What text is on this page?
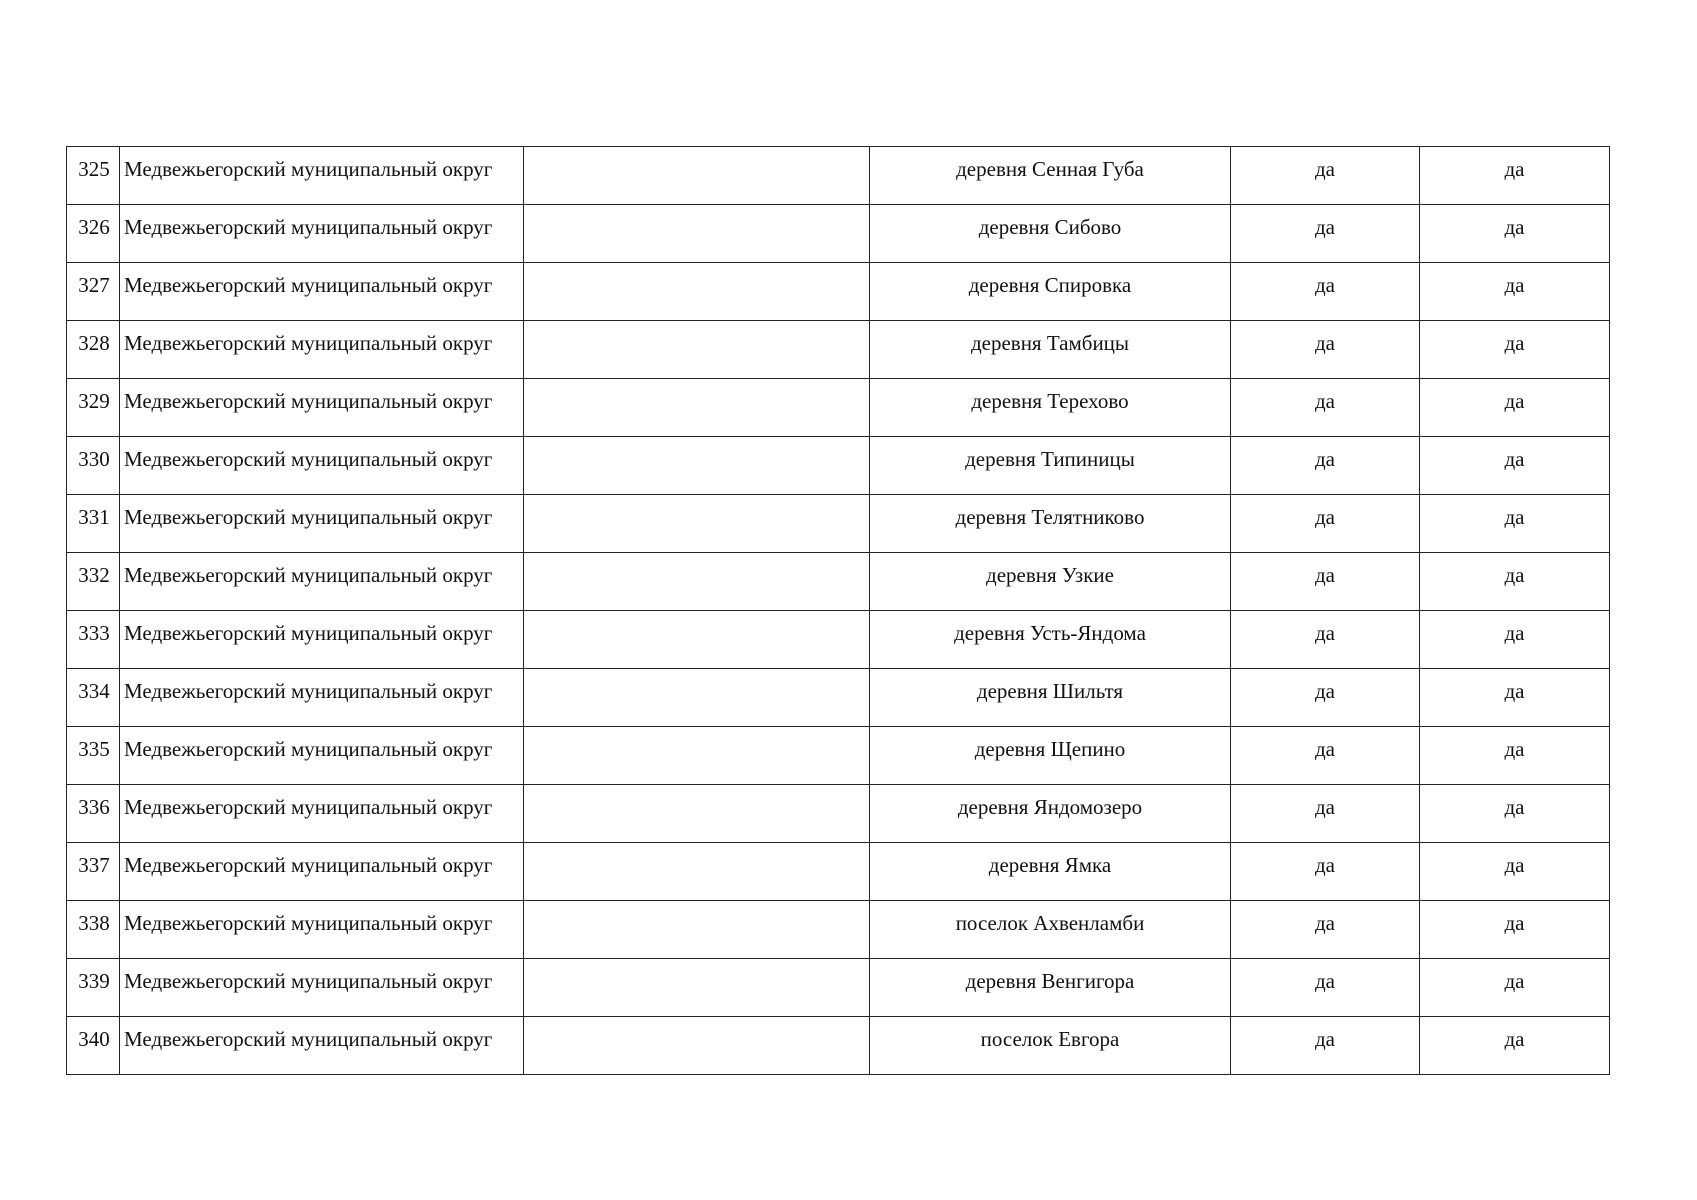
325	Медвежьегорский муниципальный округ		деревня Сенная Губа	да	да

326	Медвежьегорский муниципальный округ		деревня Сибово	да	да

327	Медвежьегорский муниципальный округ		деревня Спировка	да	да

328	Медвежьегорский муниципальный округ		деревня Тамбицы	да	да

329	Медвежьегорский муниципальный округ		деревня Терехово	да	да

330	Медвежьегорский муниципальный округ		деревня Типиницы	да	да

331	Медвежьегорский муниципальный округ		деревня Телятниково	да	да

332	Медвежьегорский муниципальный округ		деревня Узкие	да	да

333	Медвежьегорский муниципальный округ		деревня Усть-Яндома	да	да

334	Медвежьегорский муниципальный округ		деревня Шильтя	да	да

335	Медвежьегорский муниципальный округ		деревня Щепино	да	да

336	Медвежьегорский муниципальный округ		деревня Яндомозеро	да	да

337	Медвежьегорский муниципальный округ		деревня Ямка	да	да

338	Медвежьегорский муниципальный округ		поселок Ахвенламби	да	да

339	Медвежьегорский муниципальный округ		деревня Венгигора	да	да

340	Медвежьегорский муниципальный округ		поселок Евгора	да	да
